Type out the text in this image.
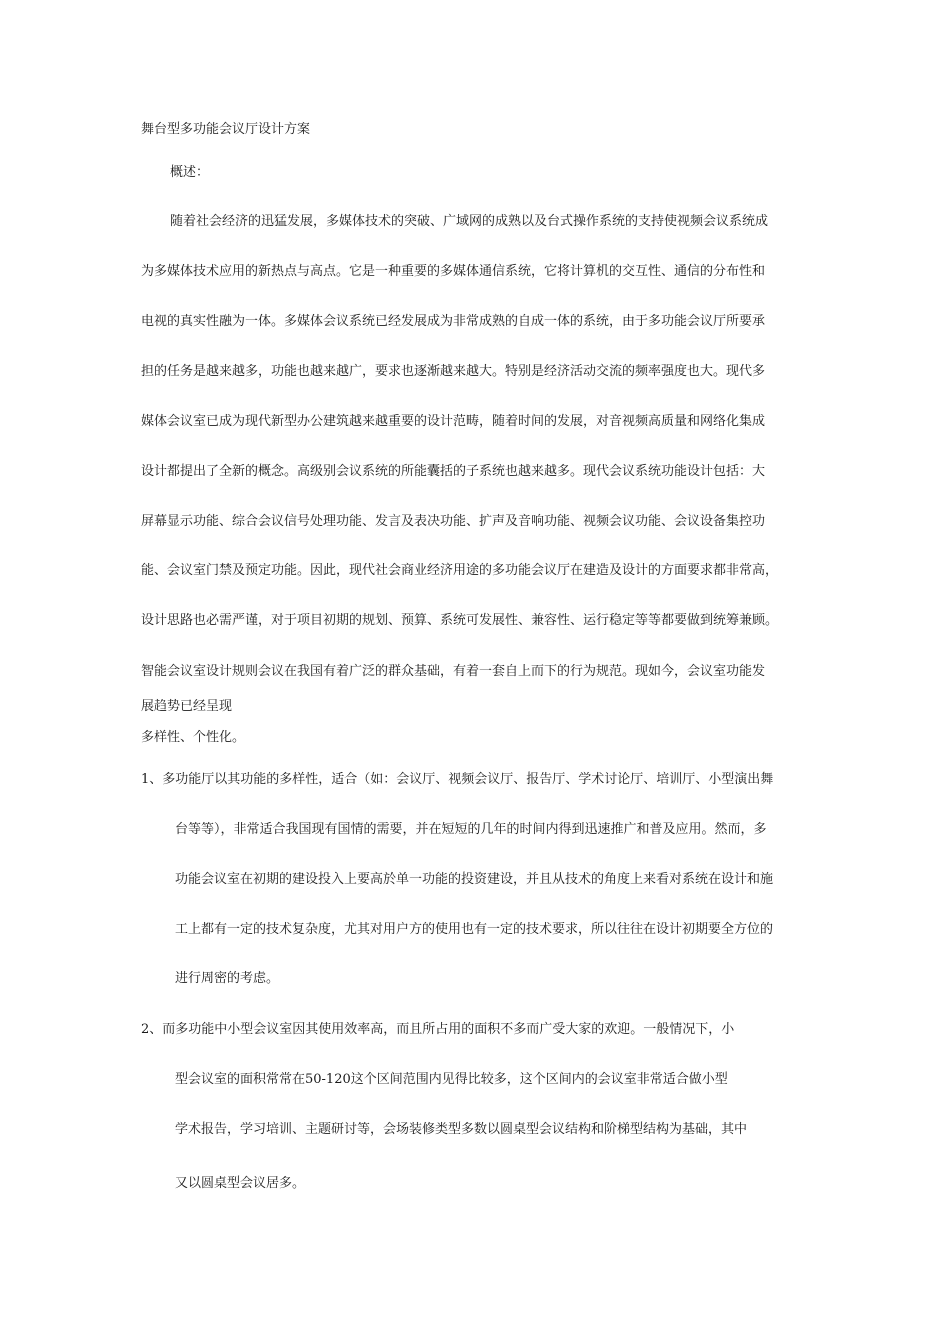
舞台型多功能会议厅设计方案
概述：
随着社会经济的迅猛发展，多媒体技术的突破、广域网的成熟以及台式操作系统的支持使视频会议系统成
为多媒体技术应用的新热点与高点。它是一种重要的多媒体通信系统，它将计算机的交互性、通信的分布性和
电视的真实性融为一体。多媒体会议系统已经发展成为非常成熟的自成一体的系统，由于多功能会议厅所要承
担的任务是越来越多，功能也越来越广，要求也逐渐越来越大。特别是经济活动交流的频率强度也大。现代多
媒体会议室已成为现代新型办公建筑越来越重要的设计范畴，随着时间的发展，对音视频高质量和网络化集成
设计都提出了全新的概念。高级别会议系统的所能囊括的子系统也越来越多。现代会议系统功能设计包括：大
屏幕显示功能、综合会议信号处理功能、发言及表决功能、扩声及音响功能、视频会议功能、会议设备集控功
能、会议室门禁及预定功能。因此，现代社会商业经济用途的多功能会议厅在建造及设计的方面要求都非常高，
设计思路也必需严谨，对于项目初期的规划、预算、系统可发展性、兼容性、运行稳定等等都要做到统筹兼顾。
智能会议室设计规则会议在我国有着广泛的群众基础，有着一套自上而下的行为规范。现如今，会议室功能发
展趋势已经呈现
多样性、个性化。
1、多功能厅以其功能的多样性，适合（如：会议厅、视频会议厅、报告厅、学术讨论厅、培训厅、小型演出舞
台等等），非常适合我国现有国情的需要，并在短短的几年的时间内得到迅速推广和普及应用。然而，多
功能会议室在初期的建设投入上要高於单一功能的投资建设，并且从技术的角度上来看对系统在设计和施
工上都有一定的技术复杂度，尤其对用户方的使用也有一定的技术要求，所以往往在设计初期要全方位的
进行周密的考虑。
2、而多功能中小型会议室因其使用效率高，而且所占用的面积不多而广受大家的欢迎。一般情况下，小
型会议室的面积常常在50-120这个区间范围内见得比较多，这个区间内的会议室非常适合做小型
学术报告，学习培训、主题研讨等，会场装修类型多数以圆桌型会议结构和阶梯型结构为基础，其中
又以圆桌型会议居多。
